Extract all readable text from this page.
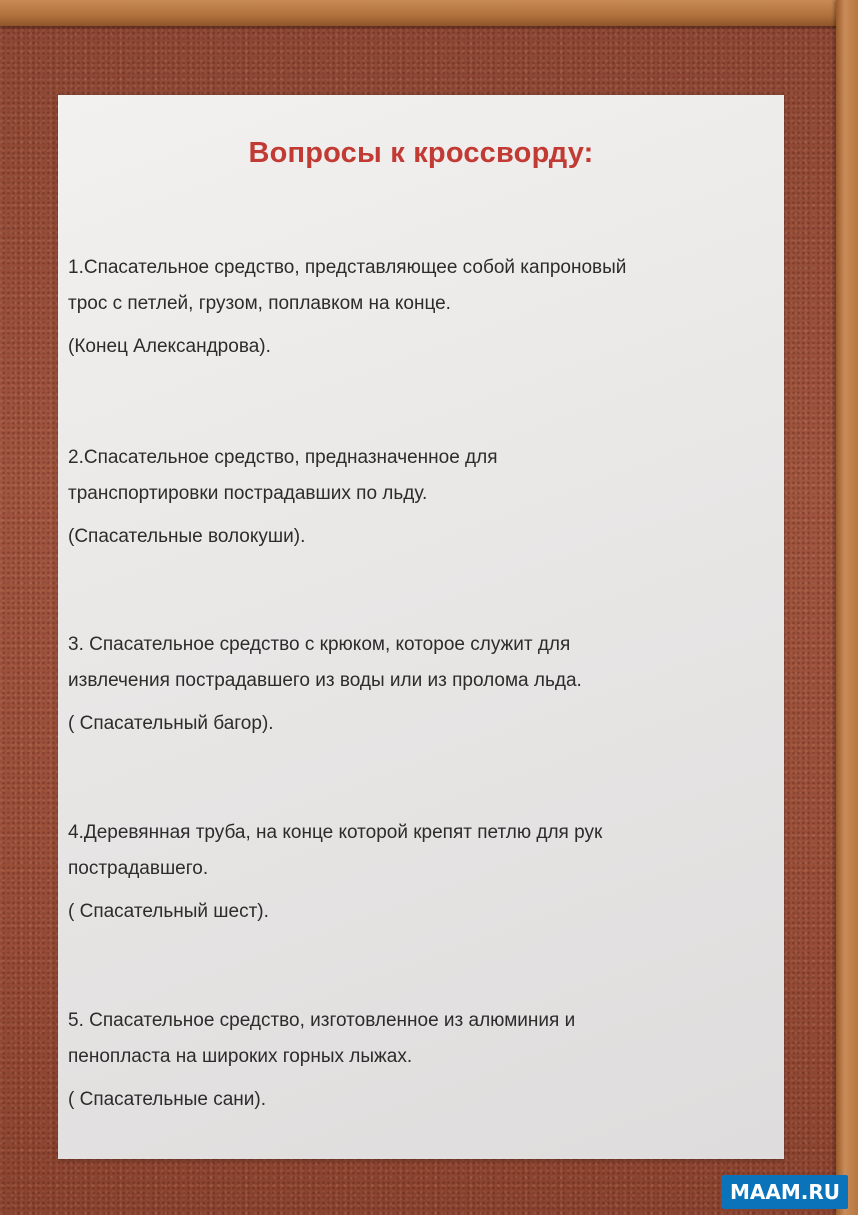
Вопросы к кроссворду:

1.Спасательное средство, представляющее собой капроновый
трос с петлей, грузом, поплавком на конце.

(Конец Александрова).

2.Спасательное средство, предназначенное для
транспортировки пострадавших по льду.

(Спасательные волокуши).

3. Спасательное средство с крюком, которое служит для
извлечения пострадавшего из воды или из пролома льда.

( Спасательный багор).

4.Деревянная труба, на конце которой крепят петлю для рук
пострадавшего.

( Спасательный шест).

5. Спасательное средство, изготовленное из алюминия и
пенопласта на широких горных лыжах.

( Спасательные сани).

MAAM.RU
